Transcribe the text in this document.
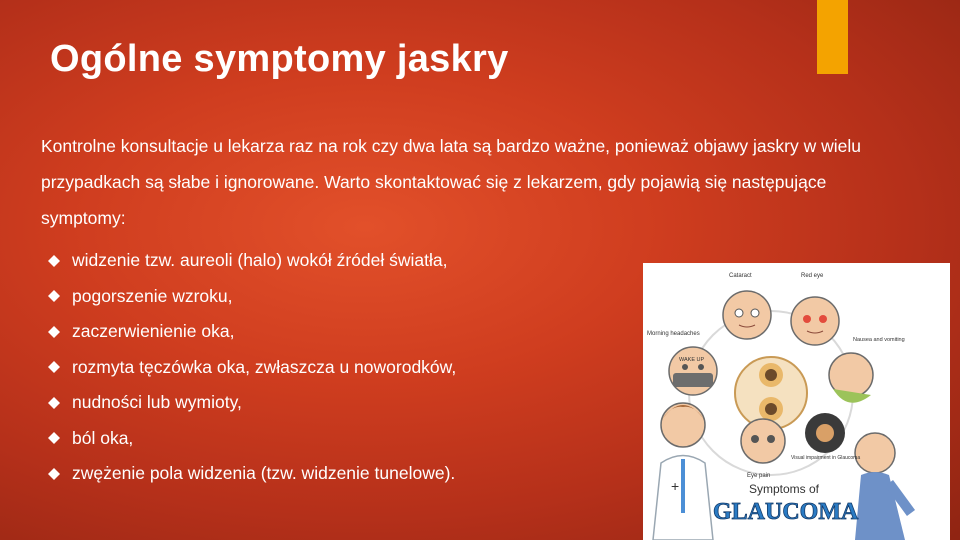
Ogólne symptomy jaskry

Kontrolne konsultacje u lekarza raz na rok czy dwa lata są bardzo ważne, ponieważ objawy jaskry w wielu przypadkach są słabe i ignorowane. Warto skontaktować się z lekarzem, gdy pojawią się następujące symptomy:

widzenie tzw. aureoli (halo) wokół źródeł światła,
pogorszenie wzroku,
zaczerwienienie oka,
rozmyta tęczówka oka, zwłaszcza u noworodków,
nudności lub wymioty,
ból oka,
zwężenie pola widzenia (tzw. widzenie tunelowe).
+
Cataract	Red eye
Morning headaches
Nausea and vomiting
WAKE UP
Eye pain
Visual impairment in Glaucoma
Symptoms of
GLAUCOMA
